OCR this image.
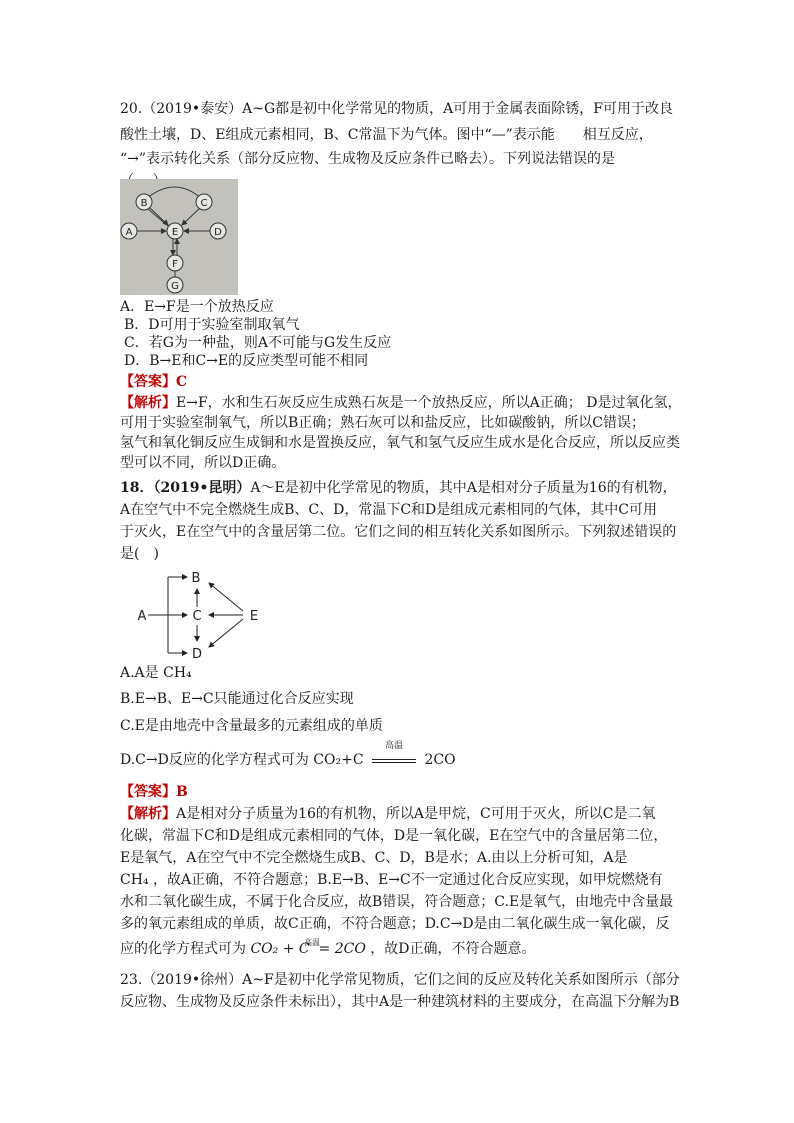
20.（2019•泰安）A~G都是初中化学常见的物质，A可用于金属表面除锈，F可用于改良
酸性土壤，D、E组成元素相同，B、C常温下为气体。图中“—”表示能　　相互反应，
“→”表示转化关系（部分反应物、生成物及反应条件已略去）。下列说法错误的是
B	C
A	E	D
F
G
A．E→F是一个放热反应
B．D可用于实验室制取氧气
C．若G为一种盐，则A不可能与G发生反应
D．B→E和C→E的反应类型可能不相同
【答案】C
【解析】E→F，水和生石灰反应生成熟石灰是一个放热反应，所以A正确； D是过氧化氢，
可用于实验室制氧气，所以B正确；熟石灰可以和盐反应，比如碳酸钠，所以C错误；
氢气和氧化铜反应生成铜和水是置换反应，氧气和氢气反应生成水是化合反应，所以反应类
型可以不同，所以D正确。
18．（2019•昆明）A～E是初中化学常见的物质，其中A是相对分子质量为16的有机物，
A在空气中不完全燃烧生成B、C、D，常温下C和D是组成元素相同的气体，其中C可用
于灭火，E在空气中的含量居第二位。它们之间的相互转化关系如图所示。下列叙述错误的
是(　)
A
B
C
D
E
A.A是 CH₄
B.E→B、E→C只能通过化合反应实现
C.E是由地壳中含量最多的元素组成的单质
D.C→D反应的化学方程式可为 CO₂+C
高温
2CO
【答案】B
【解析】A是相对分子质量为16的有机物，所以A是甲烷，C可用于灭火，所以C是二氧
化碳，常温下C和D是组成元素相同的气体，D是一氧化碳，E在空气中的含量居第二位，
E是氧气，A在空气中不完全燃烧生成B、C、D，B是水；A.由以上分析可知，A是
CH₄ ，故A正确，不符合题意；B.E→B、E→C不一定通过化合反应实现，如甲烷燃烧有
水和二氧化碳生成，不属于化合反应，故B错误，符合题意；C.E是氧气，由地壳中含量最
多的氧元素组成的单质，故C正确，不符合题意；D.C→D是由二氧化碳生成一氧化碳，反
应的化学方程式可为 CO₂ + C
高温
= 2CO ，故D正确，不符合题意。
23.（2019•徐州）A~F是初中化学常见物质，它们之间的反应及转化关系如图所示（部分
反应物、生成物及反应条件未标出），其中A是一种建筑材料的主要成分，在高温下分解为B
